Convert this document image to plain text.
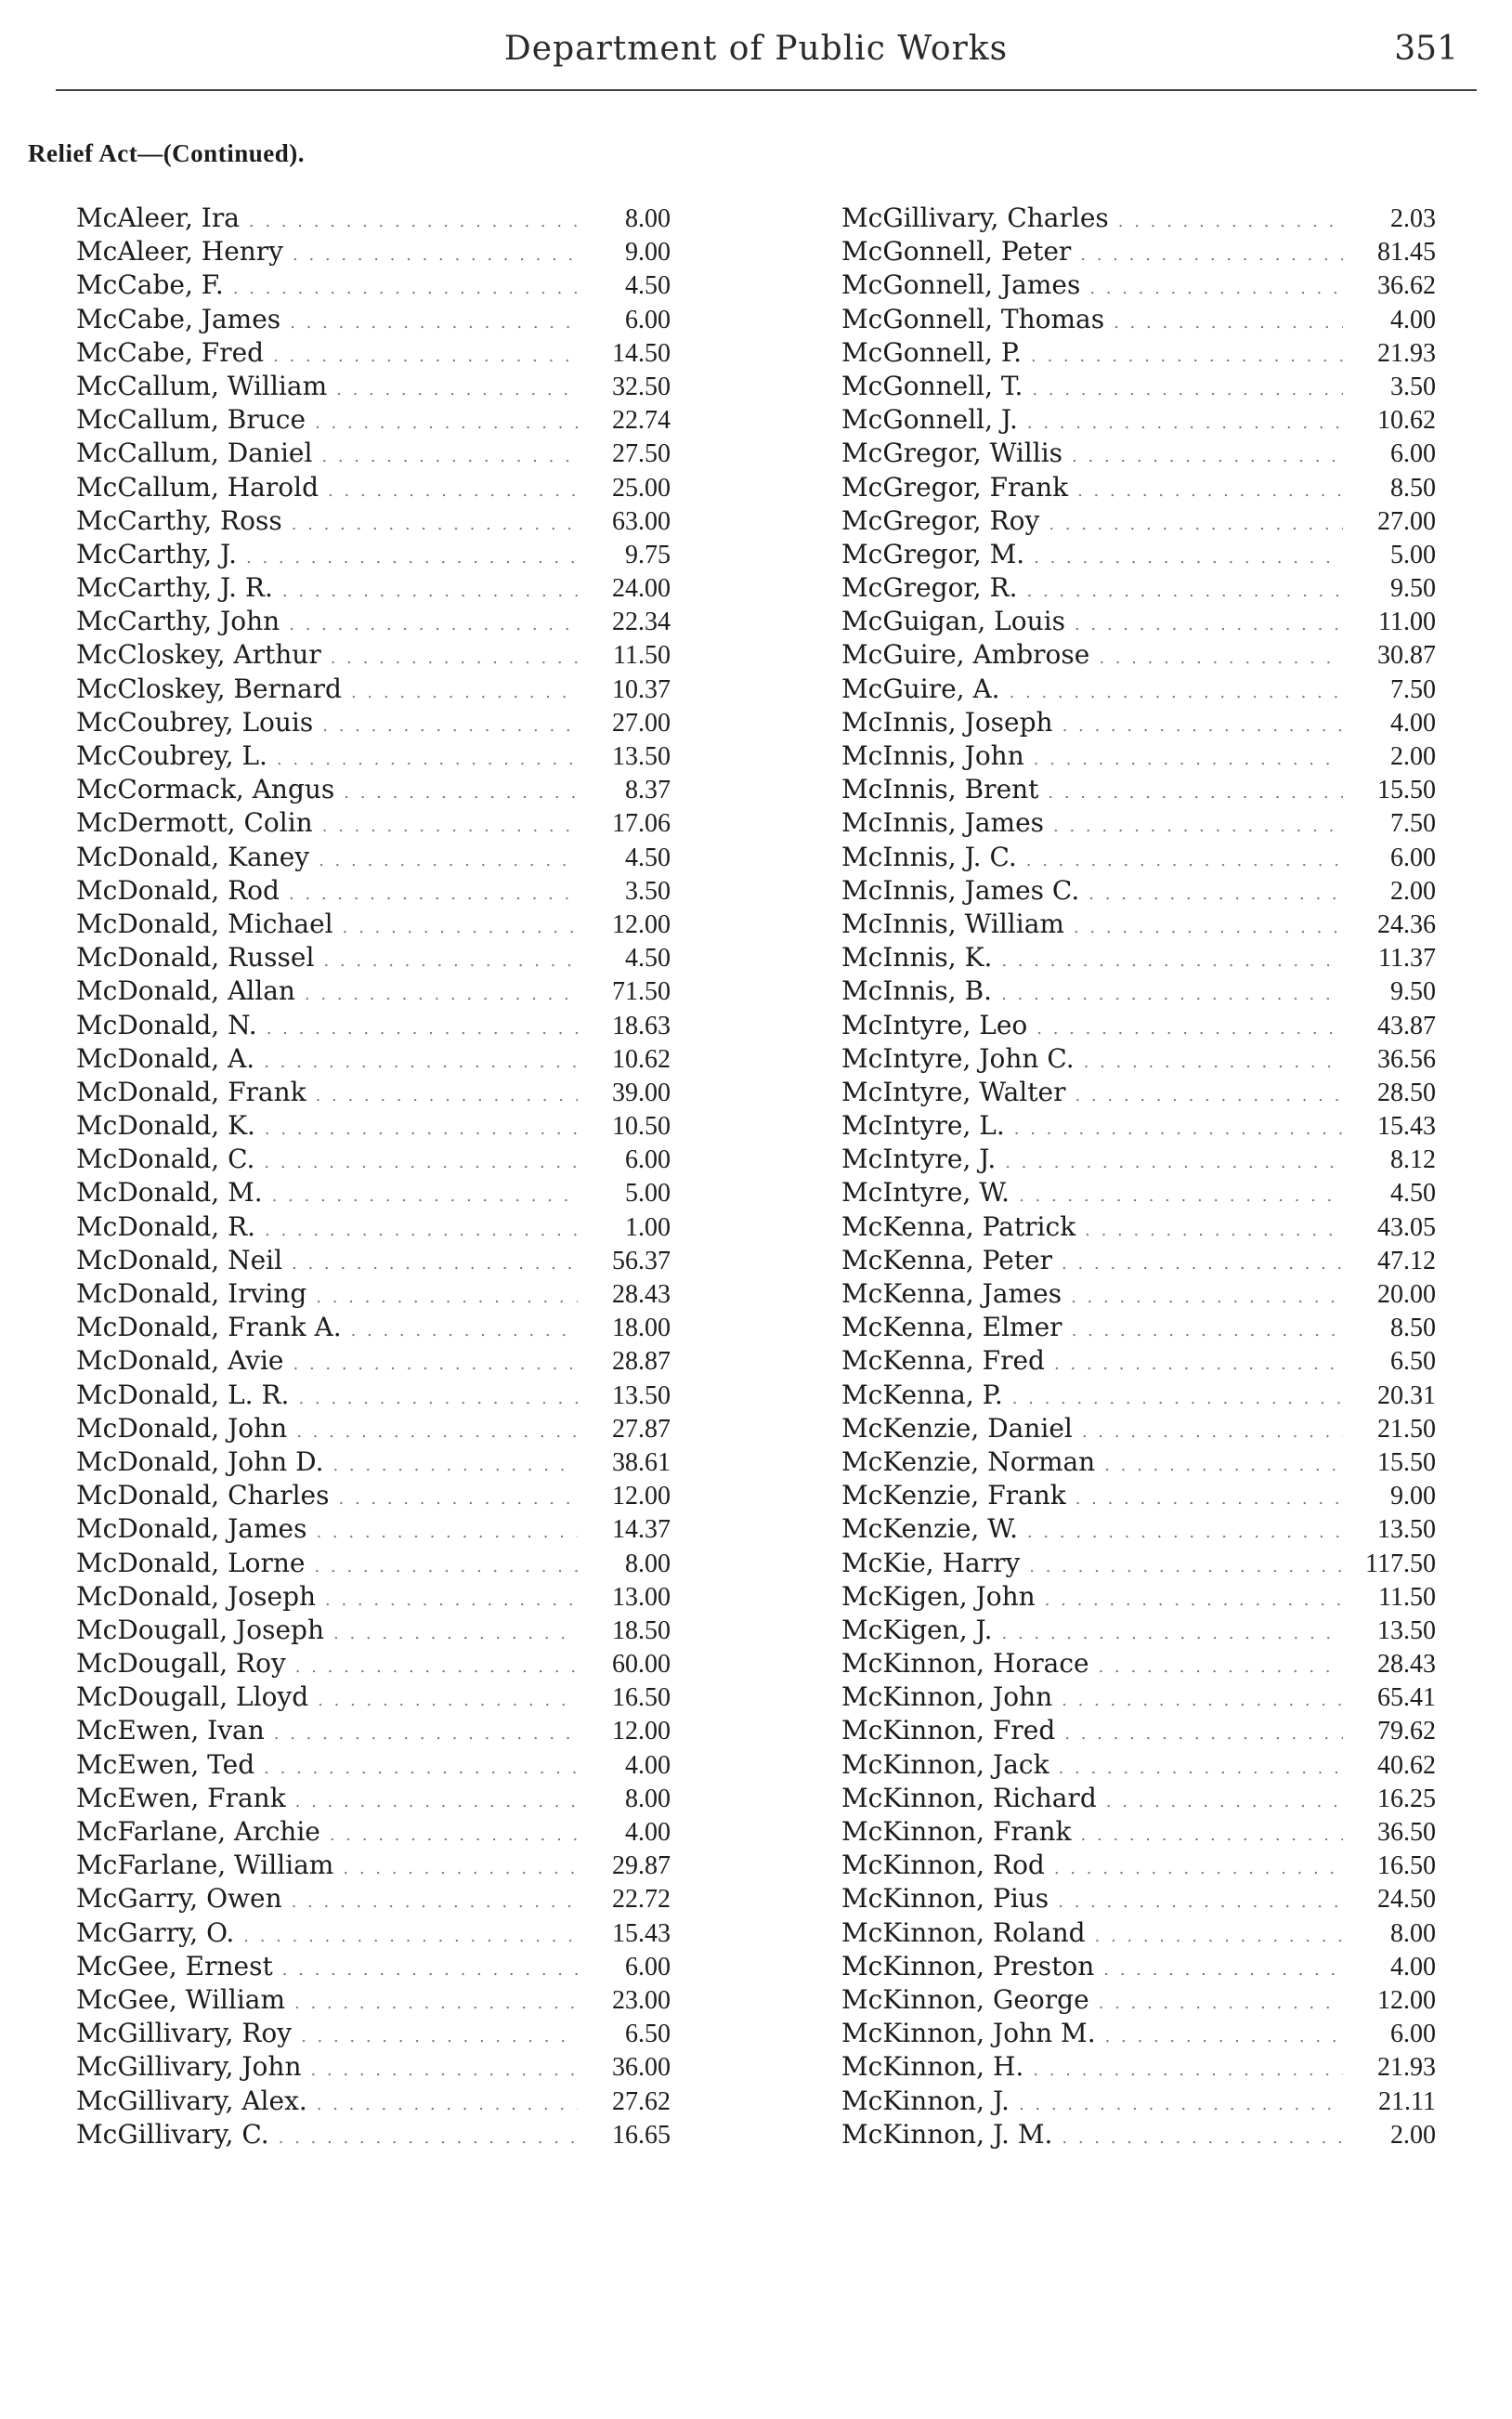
Department of Public Works	351
Relief Act—(Continued).
McAleer, Ira . . .	8.00
McAleer, Henry . . .	9.00
McCabe, F. . . .	4.50
McCabe, James . . .	6.00
McCabe, Fred . . .	14.50
McCallum, William . . .	32.50
McCallum, Bruce . . .	22.74
McCallum, Daniel . . .	27.50
McCallum, Harold . . .	25.00
McCarthy, Ross . . .	63.00
McCarthy, J. . . .	9.75
McCarthy, J. R. . . .	24.00
McCarthy, John . . .	22.34
McCloskey, Arthur . . .	11.50
McCloskey, Bernard . . .	10.37
McCoubrey, Louis . . .	27.00
McCoubrey, L. . . .	13.50
McCormack, Angus . . .	8.37
McDermott, Colin . . .	17.06
McDonald, Kaney . . .	4.50
McDonald, Rod . . .	3.50
McDonald, Michael . . .	12.00
McDonald, Russel . . .	4.50
McDonald, Allan . . .	71.50
McDonald, N. . . .	18.63
McDonald, A. . . .	10.62
McDonald, Frank . . .	39.00
McDonald, K. . . .	10.50
McDonald, C. . . .	6.00
McDonald, M. . . .	5.00
McDonald, R. . . .	1.00
McDonald, Neil . . .	56.37
McDonald, Irving . . .	28.43
McDonald, Frank A. . . .	18.00
McDonald, Avie . . .	28.87
McDonald, L. R. . . .	13.50
McDonald, John . . .	27.87
McDonald, John D. . . .	38.61
McDonald, Charles . . .	12.00
McDonald, James . . .	14.37
McDonald, Lorne . . .	8.00
McDonald, Joseph . . .	13.00
McDougall, Joseph . . .	18.50
McDougall, Roy . . .	60.00
McDougall, Lloyd . . .	16.50
McEwen, Ivan . . .	12.00
McEwen, Ted . . .	4.00
McEwen, Frank . . .	8.00
McFarlane, Archie . . .	4.00
McFarlane, William . . .	29.87
McGarry, Owen . . .	22.72
McGarry, O. . . .	15.43
McGee, Ernest . . .	6.00
McGee, William . . .	23.00
McGillivary, Roy . . .	6.50
McGillivary, John . . .	36.00
McGillivary, Alex. . . .	27.62
McGillivary, C. . . .	16.65
McGillivary, Charles . . .	2.03
McGonnell, Peter . . .	81.45
McGonnell, James . . .	36.62
McGonnell, Thomas . . .	4.00
McGonnell, P. . . .	21.93
McGonnell, T. . . .	3.50
McGonnell, J. . . .	10.62
McGregor, Willis . . .	6.00
McGregor, Frank . . .	8.50
McGregor, Roy . . .	27.00
McGregor, M. . . .	5.00
McGregor, R. . . .	9.50
McGuigan, Louis . . .	11.00
McGuire, Ambrose . . .	30.87
McGuire, A. . . .	7.50
McInnis, Joseph . . .	4.00
McInnis, John . . .	2.00
McInnis, Brent . . .	15.50
McInnis, James . . .	7.50
McInnis, J. C. . . .	6.00
McInnis, James C. . . .	2.00
McInnis, William . . .	24.36
McInnis, K. . . .	11.37
McInnis, B. . . .	9.50
McIntyre, Leo . . .	43.87
McIntyre, John C. . . .	36.56
McIntyre, Walter . . .	28.50
McIntyre, L. . . .	15.43
McIntyre, J. . . .	8.12
McIntyre, W. . . .	4.50
McKenna, Patrick . . .	43.05
McKenna, Peter . . .	47.12
McKenna, James . . .	20.00
McKenna, Elmer . . .	8.50
McKenna, Fred . . .	6.50
McKenna, P. . . .	20.31
McKenzie, Daniel . . .	21.50
McKenzie, Norman . . .	15.50
McKenzie, Frank . . .	9.00
McKenzie, W. . . .	13.50
McKie, Harry . . .	117.50
McKigen, John . . .	11.50
McKigen, J. . . .	13.50
McKinnon, Horace . . .	28.43
McKinnon, John . . .	65.41
McKinnon, Fred . . .	79.62
McKinnon, Jack . . .	40.62
McKinnon, Richard . . .	16.25
McKinnon, Frank . . .	36.50
McKinnon, Rod . . .	16.50
McKinnon, Pius . . .	24.50
McKinnon, Roland . . .	8.00
McKinnon, Preston . . .	4.00
McKinnon, George . . .	12.00
McKinnon, John M. . . .	6.00
McKinnon, H. . . .	21.93
McKinnon, J. . . .	21.11
McKinnon, J. M. . . .	2.00
